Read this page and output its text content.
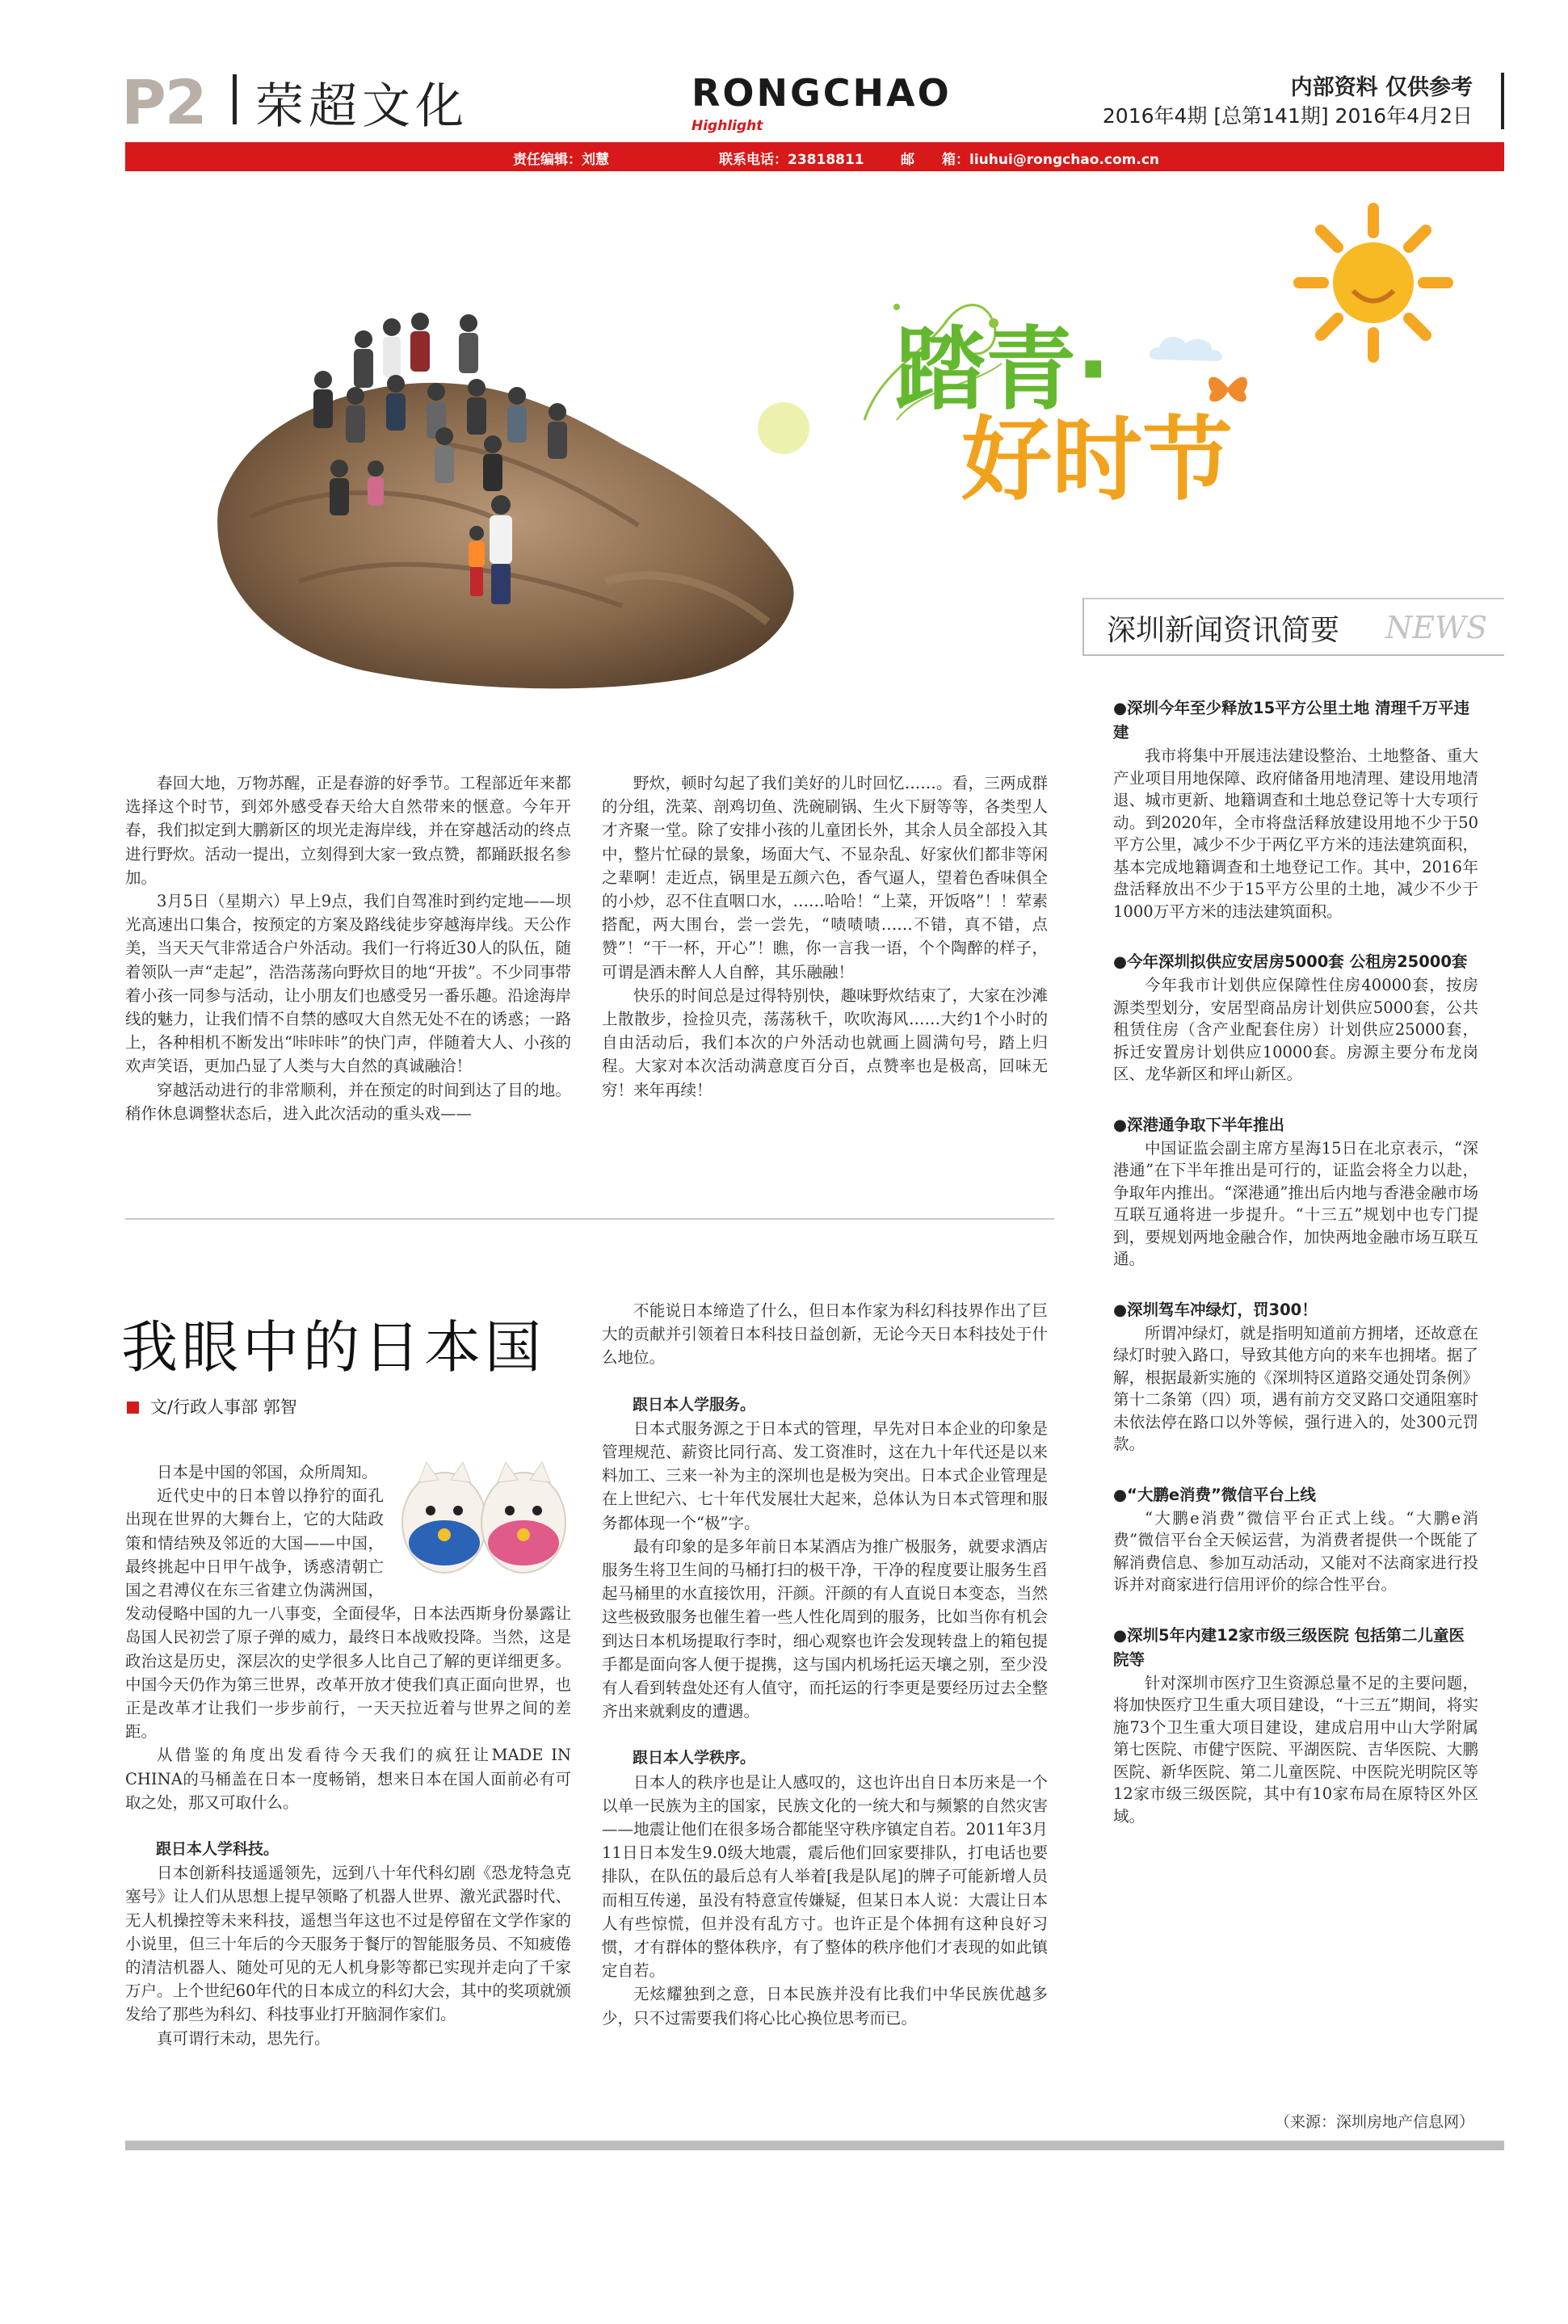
P2 荣超文化	RONGCHAO
Highlight
内部资料 仅供参考
2016年4期 [总第141期] 2016年4月2日
责任编辑：刘慧	联系电话：23818811	邮　　箱：liuhui@rongchao.com.cn
踏青·
好时节
深圳新闻资讯简要 NEWS
●深圳今年至少释放15平方公里土地 清理千万平违建
我市将集中开展违法建设整治、土地整备、重大产业项目用地保障、政府储备用地清理、建设用地清退、城市更新、地籍调查和土地总登记等十大专项行动。到2020年，全市将盘活释放建设用地不少于50平方公里，减少不少于两亿平方米的违法建筑面积，基本完成地籍调查和土地登记工作。其中，2016年盘活释放出不少于15平方公里的土地，减少不少于1000万平方米的违法建筑面积。
●今年深圳拟供应安居房5000套 公租房25000套
今年我市计划供应保障性住房40000套，按房源类型划分，安居型商品房计划供应5000套，公共租赁住房（含产业配套住房）计划供应25000套，拆迁安置房计划供应10000套。房源主要分布龙岗区、龙华新区和坪山新区。
●深港通争取下半年推出
中国证监会副主席方星海15日在北京表示，“深港通”在下半年推出是可行的，证监会将全力以赴，争取年内推出。“深港通”推出后内地与香港金融市场互联互通将进一步提升。“十三五”规划中也专门提到，要规划两地金融合作，加快两地金融市场互联互通。
●深圳驾车冲绿灯，罚300！
所谓冲绿灯，就是指明知道前方拥堵，还故意在绿灯时驶入路口，导致其他方向的来车也拥堵。据了解，根据最新实施的《深圳特区道路交通处罚条例》第十二条第（四）项，遇有前方交叉路口交通阻塞时未依法停在路口以外等候，强行进入的，处300元罚款。
●“大鹏e消费”微信平台上线
“大鹏e消费”微信平台正式上线。“大鹏e消费”微信平台全天候运营，为消费者提供一个既能了解消费信息、参加互动活动，又能对不法商家进行投诉并对商家进行信用评价的综合性平台。
●深圳5年内建12家市级三级医院 包括第二儿童医院等
针对深圳市医疗卫生资源总量不足的主要问题，将加快医疗卫生重大项目建设，“十三五”期间，将实施73个卫生重大项目建设，建成启用中山大学附属第七医院、市健宁医院、平湖医院、吉华医院、大鹏医院、新华医院、第二儿童医院、中医院光明院区等12家市级三级医院，其中有10家布局在原特区外区域。
（来源：深圳房地产信息网）

春回大地，万物苏醒，正是春游的好季节。工程部近年来都选择这个时节，到郊外感受春天给大自然带来的惬意。今年开春，我们拟定到大鹏新区的坝光走海岸线，并在穿越活动的终点进行野炊。活动一提出，立刻得到大家一致点赞，都踊跃报名参加。

3月5日（星期六）早上9点，我们自驾准时到约定地——坝光高速出口集合，按预定的方案及路线徒步穿越海岸线。天公作美，当天天气非常适合户外活动。我们一行将近30人的队伍，随着领队一声“走起”，浩浩荡荡向野炊目的地“开拔”。不少同事带着小孩一同参与活动，让小朋友们也感受另一番乐趣。沿途海岸线的魅力，让我们情不自禁的感叹大自然无处不在的诱惑；一路上，各种相机不断发出“咔咔咔”的快门声，伴随着大人、小孩的欢声笑语，更加凸显了人类与大自然的真诚融洽！

穿越活动进行的非常顺利，并在预定的时间到达了目的地。稍作休息调整状态后，进入此次活动的重头戏——

野炊，顿时勾起了我们美好的儿时回忆……。看，三两成群的分组，洗菜、剖鸡切鱼、洗碗刷锅、生火下厨等等，各类型人才齐聚一堂。除了安排小孩的儿童团长外，其余人员全部投入其中，整片忙碌的景象，场面大气、不显杂乱、好家伙们都非等闲之辈啊！走近点，锅里是五颜六色，香气逼人，望着色香味俱全的小炒，忍不住直咽口水，……哈哈！“上菜，开饭咯”！！荤素搭配，两大围台，尝一尝先，“啧啧啧……不错，真不错，点赞”！“干一杯，开心”！瞧，你一言我一语，个个陶醉的样子，可谓是酒未醉人人自醉，其乐融融！

快乐的时间总是过得特别快，趣味野炊结束了，大家在沙滩上散散步，捡捡贝壳，荡荡秋千，吹吹海风……大约1个小时的自由活动后，我们本次的户外活动也就画上圆满句号，踏上归程。大家对本次活动满意度百分百，点赞率也是极高，回味无穷！来年再续！

我眼中的日本国
文/行政人事部 郭智

日本是中国的邻国，众所周知。

近代史中的日本曾以挣狞的面孔出现在世界的大舞台上，它的大陆政策和情结殃及邻近的大国——中国，最终挑起中日甲午战争，诱惑清朝亡国之君溥仪在东三省建立伪满洲国，发动侵略中国的九一八事变，全面侵华，日本法西斯身份暴露让岛国人民初尝了原子弹的威力，最终日本战败投降。当然，这是政治这是历史，深层次的史学很多人比自己了解的更详细更多。中国今天仍作为第三世界，改革开放才使我们真正面向世界，也正是改革才让我们一步步前行，一天天拉近着与世界之间的差距。

从借鉴的角度出发看待今天我们的疯狂让MADE IN CHINA的马桶盖在日本一度畅销，想来日本在国人面前必有可取之处，那又可取什么。

跟日本人学科技。

日本创新科技遥遥领先，远到八十年代科幻剧《恐龙特急克塞号》让人们从思想上提早领略了机器人世界、激光武器时代、无人机操控等未来科技，遥想当年这也不过是停留在文学作家的小说里，但三十年后的今天服务于餐厅的智能服务员、不知疲倦的清洁机器人、随处可见的无人机身影等都已实现并走向了千家万户。上个世纪60年代的日本成立的科幻大会，其中的奖项就颁发给了那些为科幻、科技事业打开脑洞作家们。

真可谓行未动，思先行。

不能说日本缔造了什么，但日本作家为科幻科技界作出了巨大的贡献并引领着日本科技日益创新，无论今天日本科技处于什么地位。

跟日本人学服务。

日本式服务源之于日本式的管理，早先对日本企业的印象是管理规范、薪资比同行高、发工资准时，这在九十年代还是以来料加工、三来一补为主的深圳也是极为突出。日本式企业管理是在上世纪六、七十年代发展壮大起来，总体认为日本式管理和服务都体现一个“极”字。

最有印象的是多年前日本某酒店为推广极服务，就要求酒店服务生将卫生间的马桶打扫的极干净，干净的程度要让服务生舀起马桶里的水直接饮用，汗颜。汗颜的有人直说日本变态，当然这些极致服务也催生着一些人性化周到的服务，比如当你有机会到达日本机场提取行李时，细心观察也许会发现转盘上的箱包提手都是面向客人便于提携，这与国内机场托运天壤之别，至少没有人看到转盘处还有人值守，而托运的行李更是要经历过去全整齐出来就剩皮的遭遇。

跟日本人学秩序。

日本人的秩序也是让人感叹的，这也许出自日本历来是一个以单一民族为主的国家，民族文化的一统大和与频繁的自然灾害——地震让他们在很多场合都能坚守秩序镇定自若。2011年3月11日日本发生9.0级大地震，震后他们回家要排队，打电话也要排队，在队伍的最后总有人举着[我是队尾]的牌子可能新增人员而相互传递，虽没有特意宣传嫌疑，但某日本人说：大震让日本人有些惊慌，但并没有乱方寸。也许正是个体拥有这种良好习惯，才有群体的整体秩序，有了整体的秩序他们才表现的如此镇定自若。

无炫耀独到之意，日本民族并没有比我们中华民族优越多少，只不过需要我们将心比心换位思考而已。
